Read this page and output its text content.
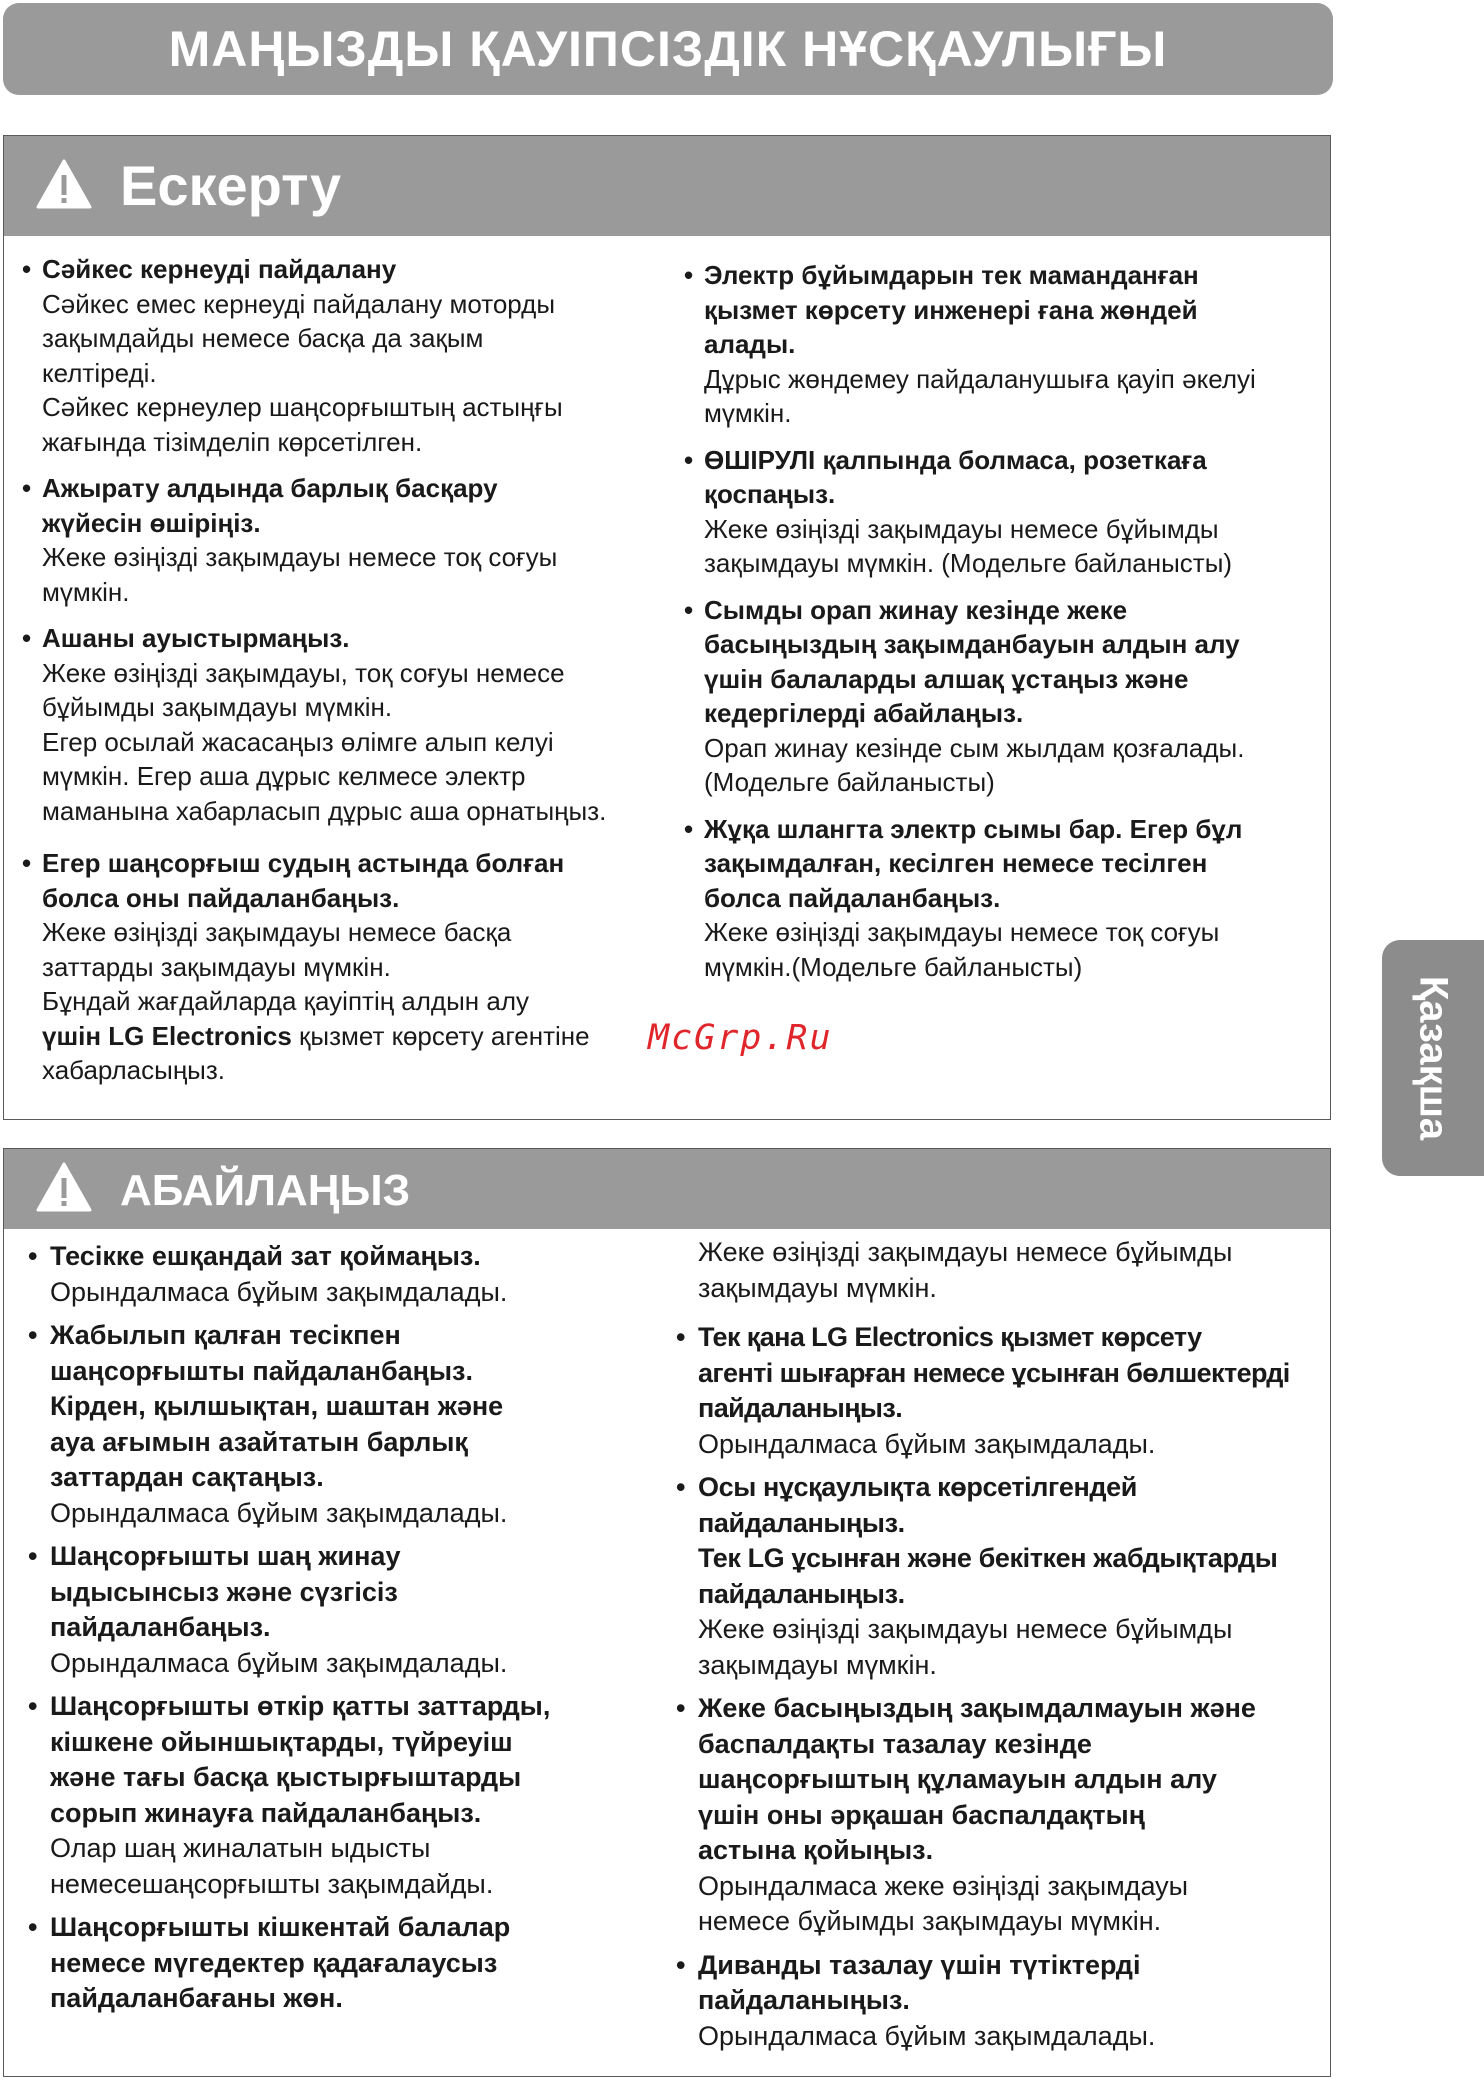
МАҢЫЗДЫ ҚАУІПСІЗДІК НҰСҚАУЛЫҒЫ
Ескерту
• Сәйкес кернеуді пайдалану
Сәйкес емес кернеуді пайдалану моторды
зақымдайды немесе басқа да зақым
келтіреді.
Сәйкес кернеулер шаңсорғыштың астыңғы
жағында тізімделіп көрсетілген.
• Ажырату алдында барлық басқару
жүйесін өшіріңіз.
Жеке өзіңізді зақымдауы немесе тоқ соғуы
мүмкін.
• Ашаны ауыстырмаңыз.
Жеке өзіңізді зақымдауы, тоқ соғуы немесе
бұйымды зақымдауы мүмкін.
Егер осылай жасасаңыз өлімге алып келуі
мүмкін. Егер аша дұрыс келмесе электр
маманына хабарласып дұрыс аша орнатыңыз.
• Егер шаңсорғыш судың астында болған
болса оны пайдаланбаңыз.
Жеке өзіңізді зақымдауы немесе басқа
заттарды зақымдауы мүмкін.
Бұндай жағдайларда қауіптің алдын алу
үшін LG Electronics қызмет көрсету агентіне
хабарласыңыз.
• Электр бұйымдарын тек маманданған
қызмет көрсету инженері ғана жөндей
алады.
Дұрыс жөндемеу пайдаланушыға қауіп әкелуі
мүмкін.
• ӨШІРУЛІ қалпында болмаса, розеткаға
қоспаңыз.
Жеке өзіңізді зақымдауы немесе бұйымды
зақымдауы мүмкін. (Модельге байланысты)
• Сымды орап жинау кезінде жеке
басыңыздың зақымданбауын алдын алу
үшін балаларды алшақ ұстаңыз және
кедергілерді абайлаңыз.
Орап жинау кезінде сым жылдам қозғалады.
(Модельге байланысты)
• Жұқа шлангта электр сымы бар. Егер бұл
зақымдалған, кесілген немесе тесілген
болса пайдаланбаңыз.
Жеке өзіңізді зақымдауы немесе тоқ соғуы
мүмкін.(Модельге байланысты)
АБАЙЛАҢЫЗ
• Тесікке ешқандай зат қоймаңыз.
Орындалмаса бұйым зақымдалады.
• Жабылып қалған тесікпен
шаңсорғышты пайдаланбаңыз.
Кірден, қылшықтан, шаштан және
ауа ағымын азайтатын барлық
заттардан сақтаңыз.
Орындалмаса бұйым зақымдалады.
• Шаңсорғышты шаң жинау
ыдысынсыз және сүзгісіз
пайдаланбаңыз.
Орындалмаса бұйым зақымдалады.
• Шаңсорғышты өткір қатты заттарды,
кішкене ойыншықтарды, түйреуіш
және тағы басқа қыстырғыштарды
сорып жинауға пайдаланбаңыз.
Олар шаң жиналатын ыдысты
немесешаңсорғышты зақымдайды.
• Шаңсорғышты кішкентай балалар
немесе мүгедектер қадағалаусыз
пайдаланбағаны жөн.
Жеке өзіңізді зақымдауы немесе бұйымды
зақымдауы мүмкін.
• Тек қана LG Electronics қызмет көрсету
агенті шығарған немесе ұсынған бөлшектерді
пайдаланыңыз.
Орындалмаса бұйым зақымдалады.
• Осы нұсқаулықта көрсетілгендей
пайдаланыңыз.
Тек LG ұсынған және бекіткен жабдықтарды
пайдаланыңыз.
Жеке өзіңізді зақымдауы немесе бұйымды
зақымдауы мүмкін.
• Жеке басыңыздың зақымдалмауын және
баспалдақты тазалау кезінде
шаңсорғыштың құламауын алдын алу
үшін оны әрқашан баспалдақтың
астына қойыңыз.
Орындалмаса жеке өзіңізді зақымдауы
немесе бұйымды зақымдауы мүмкін.
• Диванды тазалау үшін түтіктерді
пайдаланыңыз.
Орындалмаса бұйым зақымдалады.
McGrp.Ru	Қазақша
